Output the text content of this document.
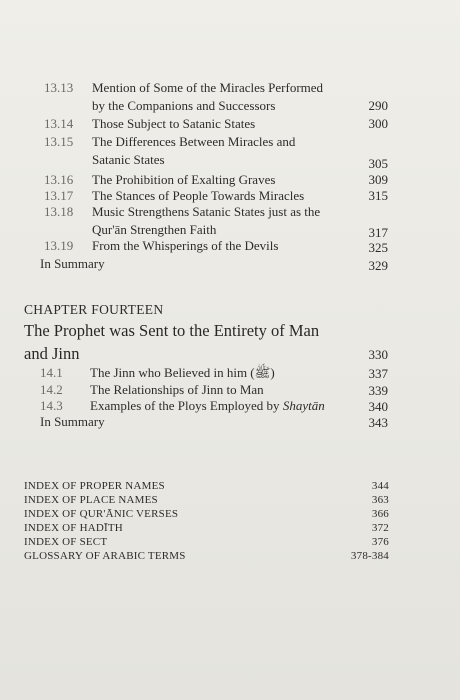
13.13 Mention of Some of the Miracles Performed
by the Companions and Successors	290
13.14 Those Subject to Satanic States	300
13.15 The Differences Between Miracles and
Satanic States	305
13.16 The Prohibition of Exalting Graves	309
13.17 The Stances of People Towards Miracles	315
13.18 Music Strengthens Satanic States just as the
Qur'ān Strengthen Faith	317
13.19 From the Whisperings of the Devils	325
In Summary	329
CHAPTER FOURTEEN
The Prophet was Sent to the Entirety of Man
and Jinn	330
14.1 The Jinn who Believed in him (ﷺ)	337
14.2 The Relationships of Jinn to Man	339
14.3 Examples of the Ploys Employed by Shaytān	340
In Summary	343
INDEX OF PROPER NAMES	344
INDEX OF PLACE NAMES	363
INDEX OF QUR'ĀNIC VERSES	366
INDEX OF HADĪTH	372
INDEX OF SECT	376
GLOSSARY OF ARABIC TERMS	378-384
